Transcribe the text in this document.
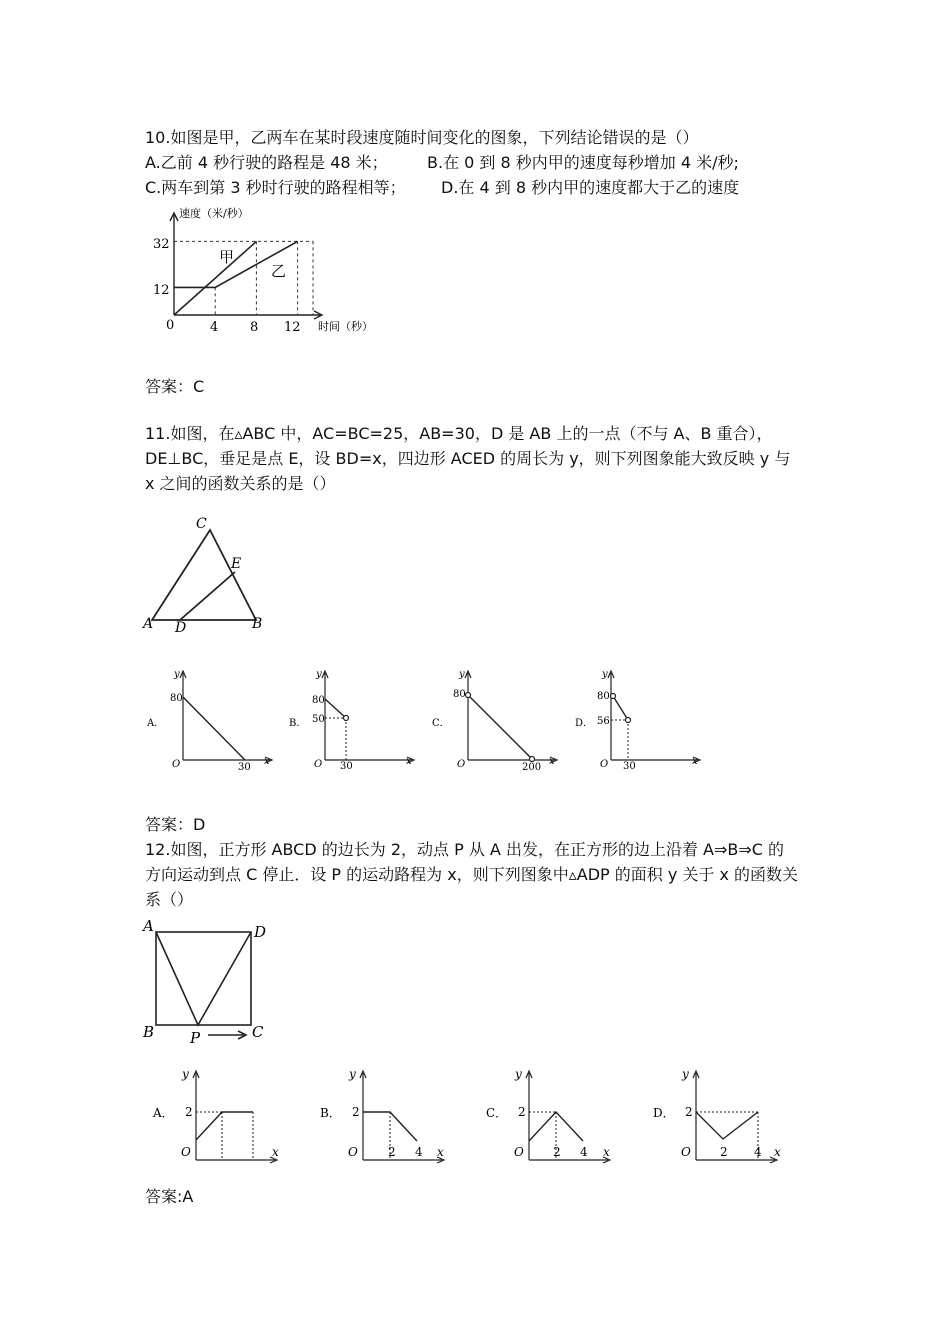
10.如图是甲，乙两车在某时段速度随时间变化的图象，下列结论错误的是（）
A.乙前 4 秒行驶的路程是 48 米； B.在 0 到 8 秒内甲的速度每秒增加 4 米/秒;
C.两车到第 3 秒时行驶的路程相等； D.在 4 到 8 秒内甲的速度都大于乙的速度
速度（米/秒）
时间（秒）
32
12
0	4 8 12
甲
乙
答案：C
11.如图，在▵ABC 中，AC=BC=25，AB=30，D 是 AB 上的一点（不与 A、B 重合），
DE⊥BC，垂足是点 E，设 BD=x，四边形 ACED 的周长为 y，则下列图象能大致反映 y 与
x 之间的函数关系的是（）
C
E
A D	B
A．
y
80
O	30
x
B．
y
80
50
O 30	x
C．
y
80
O	200
x
D．
y
80
56
O 30	x
答案：D
12.如图，正方形 ABCD 的边长为 2，动点 P 从 A 出发，在正方形的边上沿着 A⇒B⇒C 的
方向运动到点 C 停止．设 P 的运动路程为 x，则下列图象中▵ADP 的面积 y 关于 x 的函数关
系（）
A	D
B	C
P
A．
y
2
O	x
B．
y
2
O	2 4 x
C．
y
2
O 2 4 x
D．
y
2
O 2 4 x
答案:A
